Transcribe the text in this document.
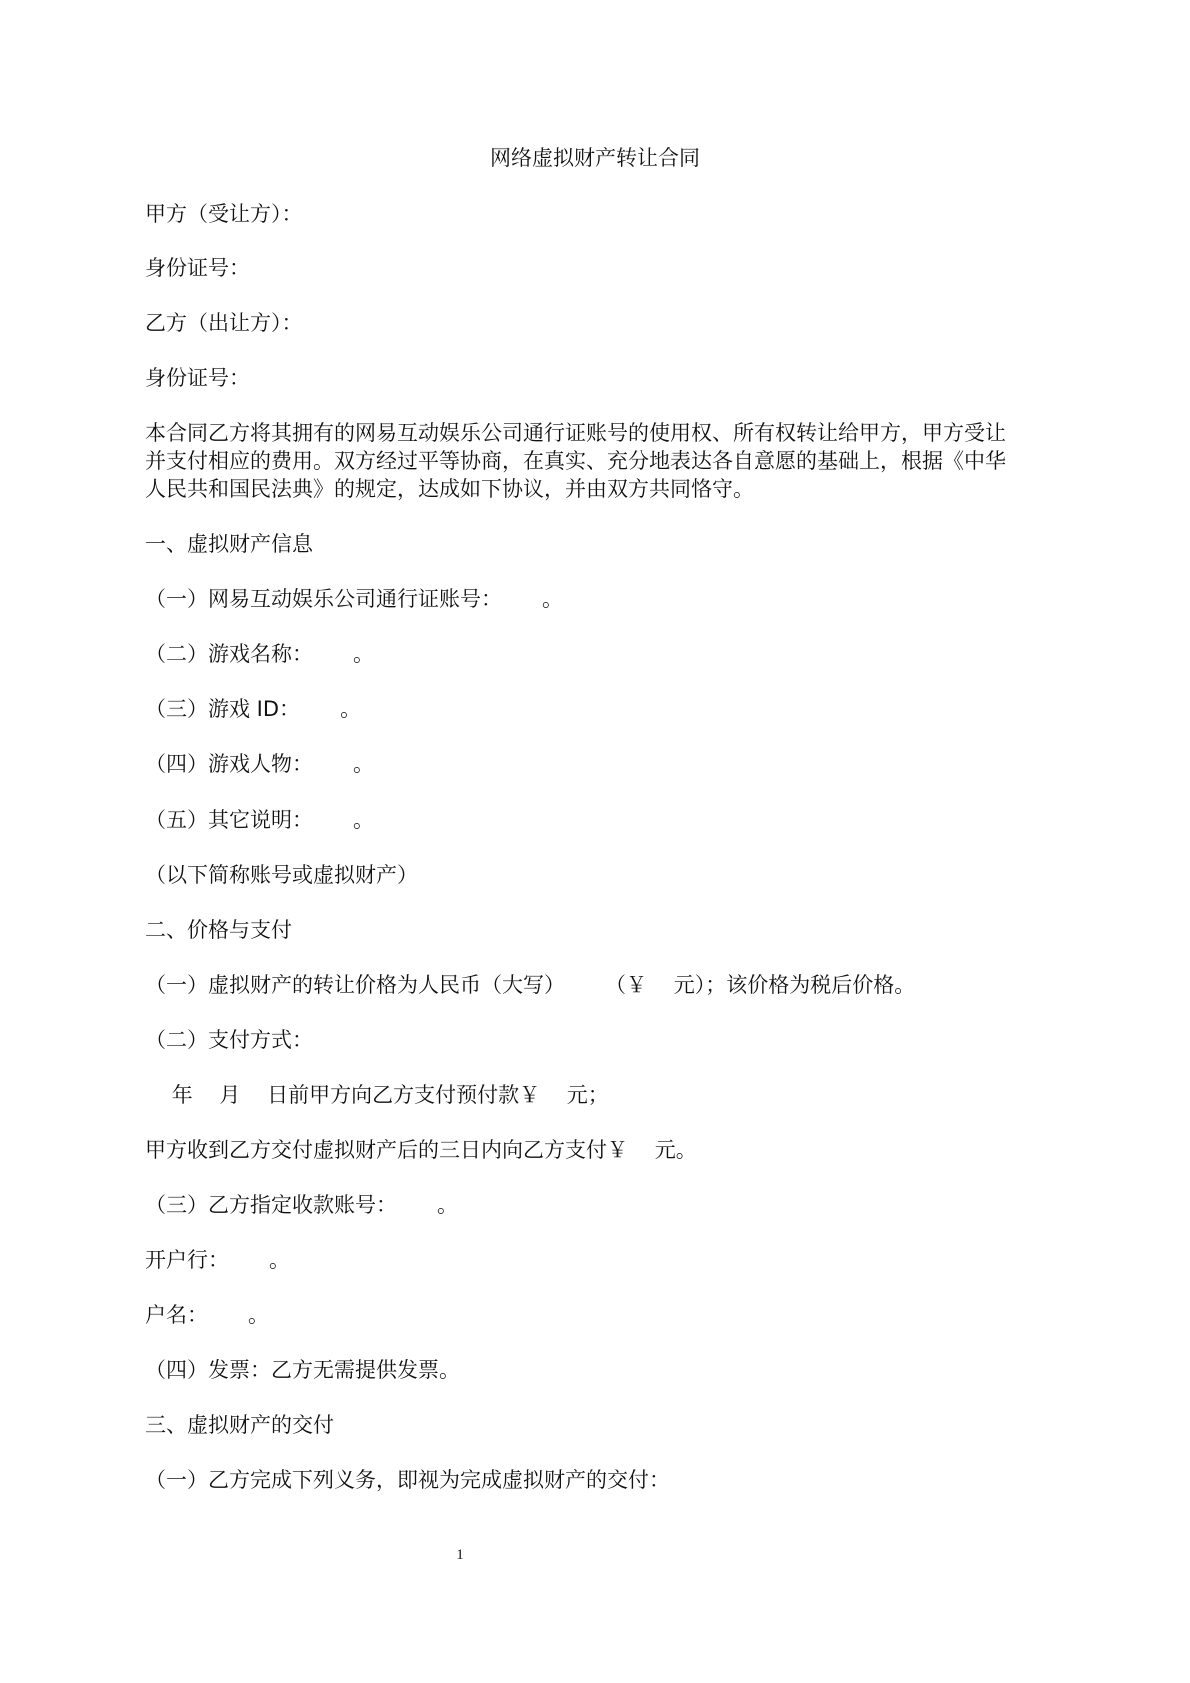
网络虚拟财产转让合同
甲方（受让方）：
身份证号：
乙方（出让方）：
身份证号：
本合同乙方将其拥有的网易互动娱乐公司通行证账号的使用权、所有权转让给甲方，甲方受让
并支付相应的费用。双方经过平等协商，在真实、充分地表达各自意愿的基础上，根据《中华
人民共和国民法典》的规定，达成如下协议，并由双方共同恪守。
一、虚拟财产信息
（一）网易互动娱乐公司通行证账号：      。
（二）游戏名称：      。
（三）游戏 ID：      。
（四）游戏人物：      。
（五）其它说明：      。
（以下简称账号或虚拟财产）
二、价格与支付
（一）虚拟财产的转让价格为人民币（大写）      （￥    元）；该价格为税后价格。
（二）支付方式：
年    月    日前甲方向乙方支付预付款￥    元；
甲方收到乙方交付虚拟财产后的三日内向乙方支付￥    元。
（三）乙方指定收款账号：      。
开户行：      。
户名：      。
（四）发票：乙方无需提供发票。
三、虚拟财产的交付
（一）乙方完成下列义务，即视为完成虚拟财产的交付：
1
